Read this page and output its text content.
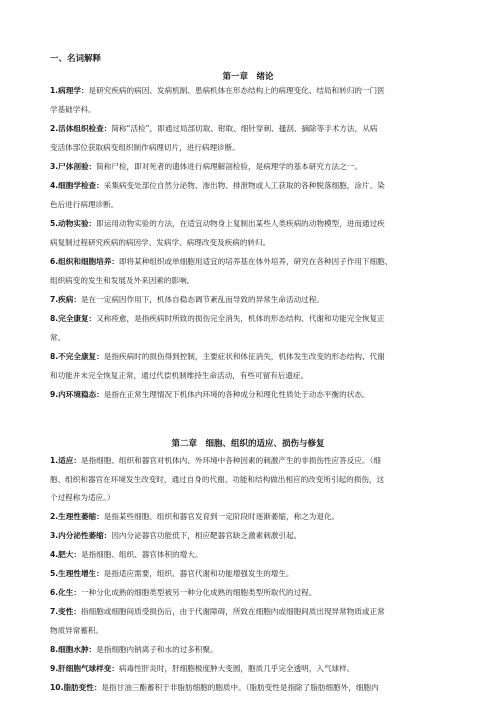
一、名词解释
第一章　绪论

1.病理学：是研究疾病的病因、发病机制、患病机体在形态结构上的病理变化、结局和转归的一门医
学基础学科。

2.活体组织检查：简称“活检”，即通过局部切取、钳取、细针穿刺、搔刮、摘除等手术方法，从病
变活体部位获取病变组织制作病理切片，进行病理诊断。

3.尸体剖验：简称尸检，即对死者的遗体进行病理解剖检验，是病理学的基本研究方法之一。

4.细胞学检查：采集病变处部位自然分泌物、渗出物、排泄物或人工获取的各种脱落细胞，涂片、染
色后进行病理诊断。

5.动物实验：即运用动物实验的方法，在适宜动物身上复制出某些人类疾病的动物模型，进而通过疾
病复制过程研究疾病的病因学、发病学、病理改变及疾病的转归。

6.组织和细胞培养：即将某种组织或单细胞用适宜的培养基在体外培养，研究在各种因子作用下细胞、
组织病变的发生和发展及外来因素的影响。

7.疾病：是在一定病因作用下，机体自稳态调节紊乱而导致的异常生命活动过程。

8.完全康复：又称痊愈，是指疾病时所致的损伤完全消失，机体的形态结构、代谢和功能完全恢复正
常。

8.不完全康复：是指疾病时的损伤得到控制，主要症状和体征消失，机体发生改变的形态结构、代谢
和功能并未完全恢复正常，通过代偿机制维持生命活动，有些可留有后遗症。

9.内环境稳态：是指在正常生理情况下机体内环境的各种成分和理化性质处于动态平衡的状态。

第二章　细胞、组织的适应、损伤与修复

1.适应：是指细胞、组织和器官对机体内、外环境中各种因素的刺激产生的非损伤性应答反应。（细
胞、组织和器官在环境发生改变时，通过自身的代谢、功能和结构做出相应的改变所引起的损伤，这
个过程称为适应。）

2.生理性萎缩：是指某些细胞、组织和器官发育到一定阶段时逐渐萎缩，称之为退化。

3.内分泌性萎缩：因内分泌器官功能低下，相应靶器官缺乏激素刺激引起。

4.肥大：是指细胞、组织、器官体积的增大。

5.生理性增生：是指适应需要，组织、器官代谢和功能增强发生的增生。

6.化生：一种分化成熟的细胞类型被另一种分化成熟的细胞类型所取代的过程。

7.变性：指细胞或细胞间质受损伤后，由于代谢障碍，所致在细胞内或细胞间质出现异常物质或正常
物质异常蓄积。

8.细胞水肿：是指细胞内钠离子和水的过多积聚。

9.肝细胞气球样变：病毒性肝炎时，肝细胞极度肿大变圆，胞质几乎完全透明，入气球样。

10.脂肪变性：是指甘油三酯蓄积于非脂肪细胞的胞质中。（脂肪变性是指除了脂肪细胞外，细胞内
